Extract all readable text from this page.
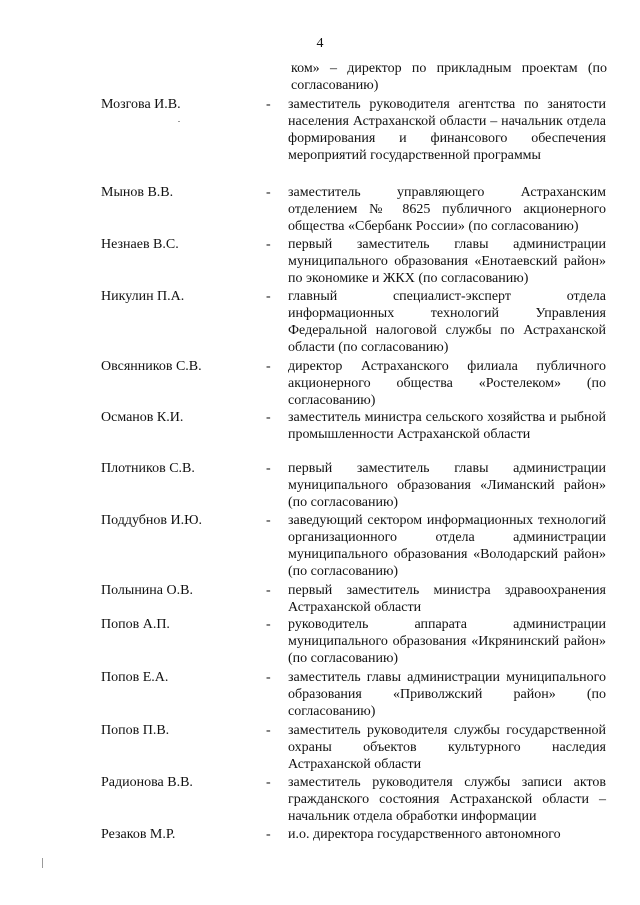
4
ком» – директор по прикладным проектам (по согласованию)
Мозгова И.В.	- заместитель руководителя агентства по занятости населения Астраханской области – начальник отдела формирования и финансового обеспечения мероприятий государственной программы
Мынов В.В.	- заместитель управляющего Астраханским отделением № 8625 публичного акционерного общества «Сбербанк России» (по согласованию)
Незнаев В.С.	- первый заместитель главы администрации муниципального образования «Енотаевский район» по экономике и ЖКХ (по согласованию)
Никулин П.А.	- главный специалист-эксперт отдела информационных технологий Управления Федеральной налоговой службы по Астраханской области (по согласованию)
Овсянников С.В.	- директор Астраханского филиала публичного акционерного общества «Ростелеком» (по согласованию)
Османов К.И.	- заместитель министра сельского хозяйства и рыбной промышленности Астраханской области
Плотников С.В.	- первый заместитель главы администрации муниципального образования «Лиманский район» (по согласованию)
Поддубнов И.Ю.	- заведующий сектором информационных технологий организационного отдела администрации муниципального образования «Володарский район» (по согласованию)
Полынина О.В.	- первый заместитель министра здравоохранения Астраханской области
Попов А.П.	- руководитель аппарата администрации муниципального образования «Икрянинский район» (по согласованию)
Попов Е.А.	- заместитель главы администрации муниципального образования «Приволжский район» (по согласованию)
Попов П.В.	- заместитель руководителя службы государственной охраны объектов культурного наследия Астраханской области
Радионова В.В.	- заместитель руководителя службы записи актов гражданского состояния Астраханской области – начальник отдела обработки информации
Резаков М.Р.	- и.о. директора государственного автономного
